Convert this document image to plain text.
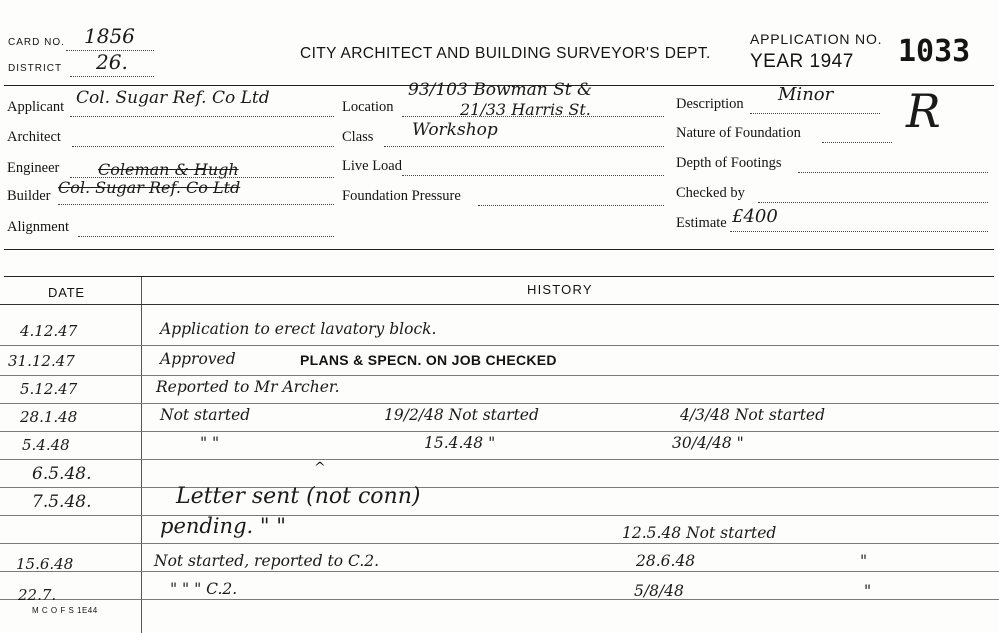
CARD NO. 1856
DISTRICT 26.	CITY ARCHITECT AND BUILDING SURVEYOR'S DEPT.
APPLICATION NO.
YEAR 1947 1033
Applicant Col. Sugar Ref. Co Ltd
Architect
Engineer Coleman & Hugh
Builder Col. Sugar Ref. Co Ltd
Alignment
Location
93/103 Bowman St &
21/33 Harris St.
Class Workshop
Live Load
Foundation Pressure
Description Minor R
Nature of Foundation
Depth of Footings
Checked by
Estimate £400
DATE	HISTORY
4.12.47	Application to erect lavatory block.
31.12.47	Approved	PLANS & SPECN. ON JOB CHECKED
5.12.47	Reported to Mr Archer.
28.1.48	Not started	19/2/48 Not started	4/3/48 Not started
5.4.48	" "	15.4.48 "	30/4/48 "
6.5.48.	^
7.5.48.	Letter sent (not conn)
pending. " "	12.5.48 Not started
15.6.48	Not started, reported to C.2.	28.6.48	"
22.7.	" " " C.2.	5/8/48	"
M C O F S 1E44
